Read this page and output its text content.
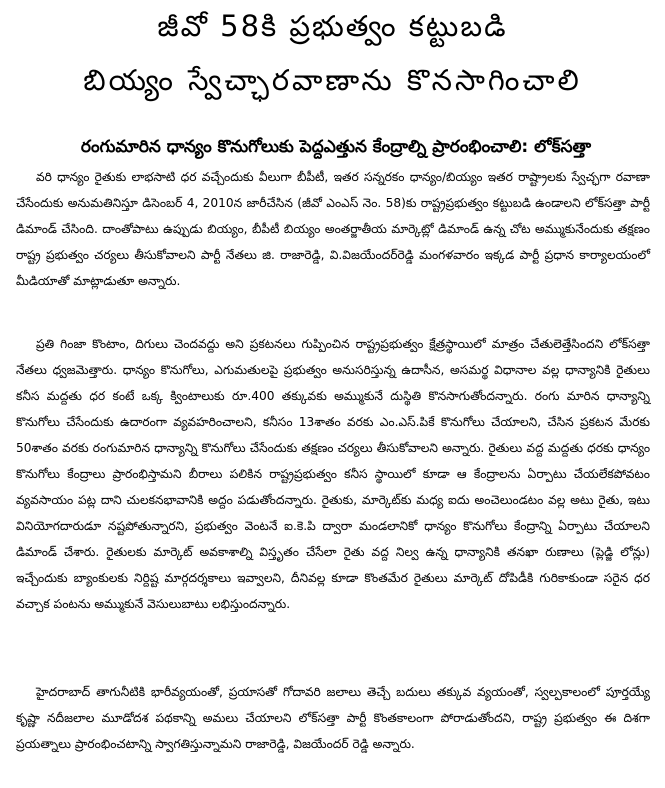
జీవో 58కి ప్రభుత్వం కట్టుబడి
బియ్యం స్వేచ్ఛారవాణాను కొనసాగించాలి
రంగుమారిన ధాన్యం కొనుగోలుకు పెద్దఎత్తున కేంద్రాల్ని ప్రారంభించాలి: లోక్‌సత్తా
వరి ధాన్యం రైతుకు లాభసాటి ధర వచ్చేందుకు వీలుగా బీపీటీ, ఇతర సన్నరకం ధాన్యం/బియ్యం ఇతర రాష్ట్రాలకు స్వేచ్ఛగా రవాణా చేసేందుకు అనుమతినిస్తూ డిసెంబర్ 4, 2010న జారీచేసిన (జీవో ఎంఎస్ నెం. 58)కు రాష్ట్రప్రభుత్వం కట్టుబడి ఉండాలని లోక్‌సత్తా పార్టీ డిమాండ్ చేసింది. దాంతోపాటు ఉప్పుడు బియ్యం, బీపీటీ బియ్యం అంతర్జాతీయ మార్కెట్లో డిమాండ్ ఉన్న చోట అమ్ముకునేందుకు తక్షణం రాష్ట్ర ప్రభుత్వం చర్యలు తీసుకోవాలని పార్టీ నేతలు జి. రాజారెడ్డి, వి.విజయేందర్‌రెడ్డి మంగళవారం ఇక్కడ పార్టీ ప్రధాన కార్యాలయంలో మీడియాతో మాట్లాడుతూ అన్నారు.
ప్రతి గింజా కొంటాం, దిగులు చెందవద్దు అని ప్రకటనలు గుప్పించిన రాష్ట్రప్రభుత్వం క్షేత్రస్థాయిలో మాత్రం చేతులెత్తేసిందని లోక్‌సత్తా నేతలు ధ్వజమెత్తారు. ధాన్యం కొనుగోలు, ఎగుమతులపై ప్రభుత్వం అనుసరిస్తున్న ఉదాసీన, అసమర్థ విధానాల వల్ల ధాన్యానికి రైతులు కనీస మద్దతు ధర కంటే ఒక్క క్వింటాలుకు రూ.400 తక్కువకు అమ్ముకునే దుస్థితి కొనసాగుతోందన్నారు. రంగు మారిన ధాన్యాన్ని కొనుగోలు చేసేందుకు ఉదారంగా వ్యవహరించాలని, కనీసం 13శాతం వరకు ఎం.ఎస్.పికే కొనుగోలు చేయాలని, చేసిన ప్రకటన మేరకు 50శాతం వరకు రంగుమారిన ధాన్యాన్ని కొనుగోలు చేసేందుకు తక్షణం చర్యలు తీసుకోవాలని అన్నారు. రైతులు వద్ద మద్దతు ధరకు ధాన్యం కొనుగోలు కేంద్రాలు ప్రారంభిస్తామని బీరాలు పలికిన రాష్ట్రప్రభుత్వం కనీస స్థాయిలో కూడా ఆ కేంద్రాలను ఏర్పాటు చేయలేకపోవటం వ్యవసాయం పట్ల దాని చులకనభావానికి అద్దం పడుతోందన్నారు. రైతుకు, మార్కెట్‌కు మధ్య ఐదు అంచెలుండటం వల్ల అటు రైతు, ఇటు వినియోగదారుడూ నష్టపోతున్నారని, ప్రభుత్వం వెంటనే ఐ.కె.పి ద్వారా మండలానికో ధాన్యం కొనుగోలు కేంద్రాన్ని ఏర్పాటు చేయాలని డిమాండ్ చేశారు. రైతులకు మార్కెట్ అవకాశాల్ని విస్తృతం చేసేలా రైతు వద్ద నిల్వ ఉన్న ధాన్యానికి తనఖా రుణాలు (ప్లెడ్జి లోన్లు) ఇచ్చేందుకు బ్యాంకులకు నిర్దిష్ట మార్గదర్శకాలు ఇవ్వాలని, దీనివల్ల కూడా కొంతమేర రైతులు మార్కెట్ దోపిడీకి గురికాకుండా సరైన ధర వచ్చాక పంటను అమ్ముకునే వెసులుబాటు లభిస్తుందన్నారు.
హైదరాబాద్ తాగునీటికి భారీవ్యయంతో, ప్రయాసతో గోదావరి జలాలు తెచ్చే బదులు తక్కువ వ్యయంతో, స్వల్పకాలంలో పూర్తయ్యే కృష్ణా నదీజలాల మూడోదశ పథకాన్ని అమలు చేయాలని లోక్‌సత్తా పార్టీ కొంతకాలంగా పోరాడుతోందని, రాష్ట్ర ప్రభుత్వం ఈ దిశగా ప్రయత్నాలు ప్రారంభించటాన్ని స్వాగతిస్తున్నామని రాజారెడ్డి, విజయేందర్ రెడ్డి అన్నారు.
